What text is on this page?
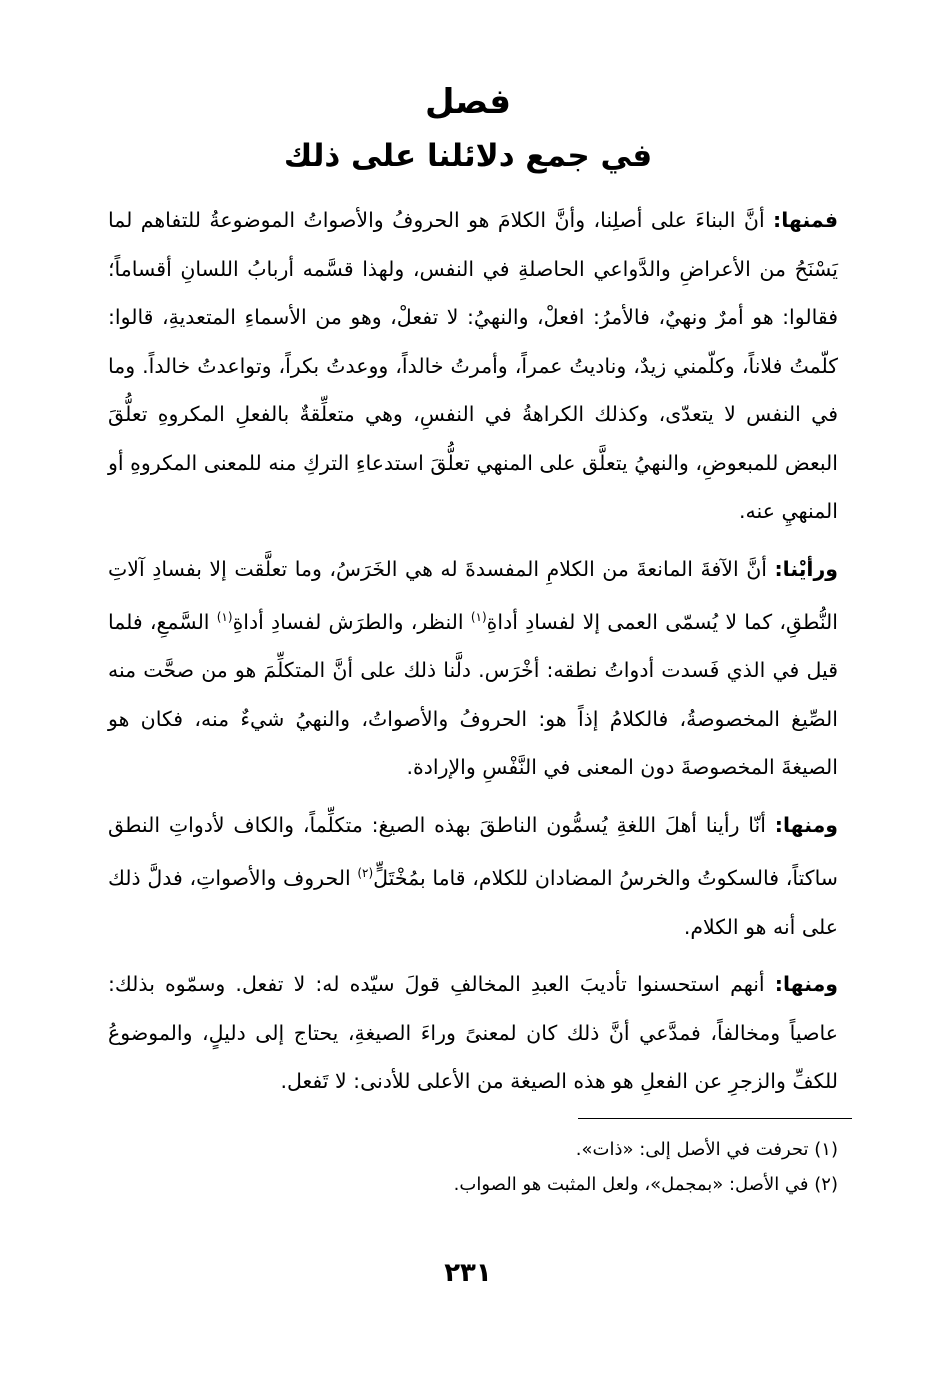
فصل
في جمع دلائلنا على ذلك

فمنها: أنَّ البناءَ على أصلِنا، وأنَّ الكلامَ هو الحروفُ والأصواتُ الموضوعةُ للتفاهم لما يَسْنَحُ من الأعراضِ والدَّواعي الحاصلةِ في النفس، ولهذا قسَّمه أربابُ اللسانِ أقساماً؛ فقالوا: هو أمرٌ ونهيٌ، فالأمرُ: افعلْ، والنهيُ: لا تفعلْ، وهو من الأسماءِ المتعديةِ، قالوا: كلّمتُ فلاناً، وكلّمني زيدٌ، وناديتُ عمراً، وأمرتُ خالداً، ووعدتُ بكراً، وتواعدتُ خالداً. وما في النفس لا يتعدّى، وكذلك الكراهةُ في النفسِ، وهي متعلِّقةٌ بالفعلِ المكروهِ تعلُّقَ البعض للمبعوضِ، والنهيُ يتعلَّق على المنهي تعلُّقَ استدعاءِ التركِ منه للمعنى المكروهِ أو المنهيِ عنه.

ورأيْنا: أنَّ الآفةَ المانعةَ من الكلامِ المفسدةَ له هي الخَرَسُ، وما تعلَّقت إلا بفسادِ آلاتِ النُّطقِ، كما لا يُسمّى العمى إلا لفسادِ أداةِ$^{(١)}$ النظر، والطرَش لفسادِ أداةِ$^{(١)}$ السَّمعِ، فلما قيل في الذي فَسدت أدواتُ نطقه: أخْرَس. دلَّنا ذلك على أنَّ المتكلِّمَ هو من صحَّت منه الصِّيغ المخصوصةُ، فالكلامُ إذاً هو: الحروفُ والأصواتُ، والنهيُ شيءٌ منه، فكان هو الصيغةَ المخصوصةَ دون المعنى في النَّفْسِ والإرادة.

ومنها: أنّا رأينا أهلَ اللغةِ يُسمُّون الناطقَ بهذه الصيغ: متكلِّماً، والكاف لأدواتِ النطق ساكتاً، فالسكوتُ والخرسُ المضادان للكلام، قاما بمُخْتَلٍّ$^{(٢)}$ الحروف والأصواتِ، فدلَّ ذلك على أنه هو الكلام.

ومنها: أنهم استحسنوا تأديبَ العبدِ المخالفِ قولَ سيّده له: لا تفعل. وسمّوه بذلك: عاصياً ومخالفاً، فمدَّعي أنَّ ذلك كان لمعنىً وراءَ الصيغةِ، يحتاج إلى دليلٍ، والموضوعُ للكفِّ والزجرِ عن الفعلِ هو هذه الصيغة من الأعلى للأدنى: لا تَفعل.

(١) تحرفت في الأصل إلى: «ذات».
(٢) في الأصل: «بمجمل»، ولعل المثبت هو الصواب.
٢٣١
